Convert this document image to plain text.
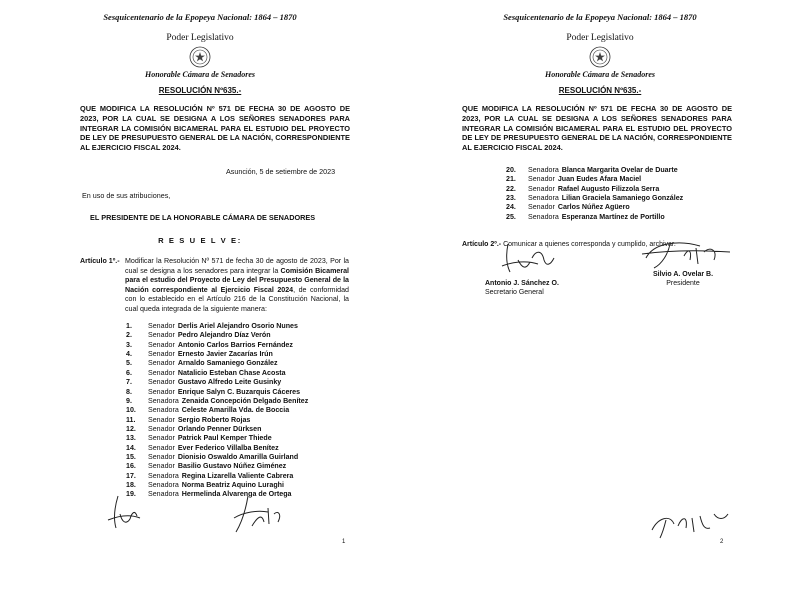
Sesquicentenario de la Epopeya Nacional: 1864 – 1870
Poder Legislativo
Honorable Cámara de Senadores
RESOLUCIÓN Nº635.-
QUE MODIFICA LA RESOLUCIÓN Nº 571 DE FECHA 30 DE AGOSTO DE 2023, POR LA CUAL SE DESIGNA A LOS SEÑORES SENADORES PARA INTEGRAR LA COMISIÓN BICAMERAL PARA EL ESTUDIO DEL PROYECTO DE LEY DE PRESUPUESTO GENERAL DE LA NACIÓN, CORRESPONDIENTE AL EJERCICIO FISCAL 2024.
Asunción, 5 de setiembre de 2023
En uso de sus atribuciones,
EL PRESIDENTE DE LA HONORABLE CÁMARA DE SENADORES
R E S U E L V E:
Artículo 1º.- Modificar la Resolución Nº 571 de fecha 30 de agosto de 2023, Por la cual se designa a los senadores para integrar la Comisión Bicameral para el estudio del Proyecto de Ley del Presupuesto General de la Nación correspondiente al Ejercicio Fiscal 2024, de conformidad con lo establecido en el Artículo 216 de la Constitución Nacional, la cual queda integrada de la siguiente manera:
1. Senador Derlis Ariel Alejandro Osorio Nunes
2. Senador Pedro Alejandro Díaz Verón
3. Senador Antonio Carlos Barrios Fernández
4. Senador Ernesto Javier Zacarías Irún
5. Senador Arnaldo Samaniego González
6. Senador Natalicio Esteban Chase Acosta
7. Senador Gustavo Alfredo Leite Gusinky
8. Senador Enrique Salyn C. Buzarquis Cáceres
9. Senadora Zenaida Concepción Delgado Benítez
10. Senadora Celeste Amarilla Vda. de Boccia
11. Senador Sergio Roberto Rojas
12. Senador Orlando Penner Dürksen
13. Senador Patrick Paul Kemper Thiede
14. Senador Ever Federico Villalba Benítez
15. Senador Dionisio Oswaldo Amarilla Guirland
16. Senador Basilio Gustavo Núñez Giménez
17. Senadora Regina Lizarella Valiente Cabrera
18. Senadora Norma Beatriz Aquino Luraghi
19. Senadora Hermelinda Alvarenga de Ortega
1
Sesquicentenario de la Epopeya Nacional: 1864 – 1870
Poder Legislativo
Honorable Cámara de Senadores
RESOLUCIÓN Nº635.-
QUE MODIFICA LA RESOLUCIÓN Nº 571 DE FECHA 30 DE AGOSTO DE 2023, POR LA CUAL SE DESIGNA A LOS SEÑORES SENADORES PARA INTEGRAR LA COMISIÓN BICAMERAL PARA EL ESTUDIO DEL PROYECTO DE LEY DE PRESUPUESTO GENERAL DE LA NACIÓN, CORRESPONDIENTE AL EJERCICIO FISCAL 2024.
2
20. Senadora Blanca Margarita Ovelar de Duarte
21. Senador Juan Eudes Afara Maciel
22. Senador Rafael Augusto Filizzola Serra
23. Senadora Lilian Graciela Samaniego González
24. Senador Carlos Núñez Agüero
25. Senadora Esperanza Martínez de Portillo
Artículo 2º.- Comunicar a quienes corresponda y cumplido, archivar.
Antonio J. Sánchez O.
Secretario General
Silvio A. Ovelar B.
Presidente
